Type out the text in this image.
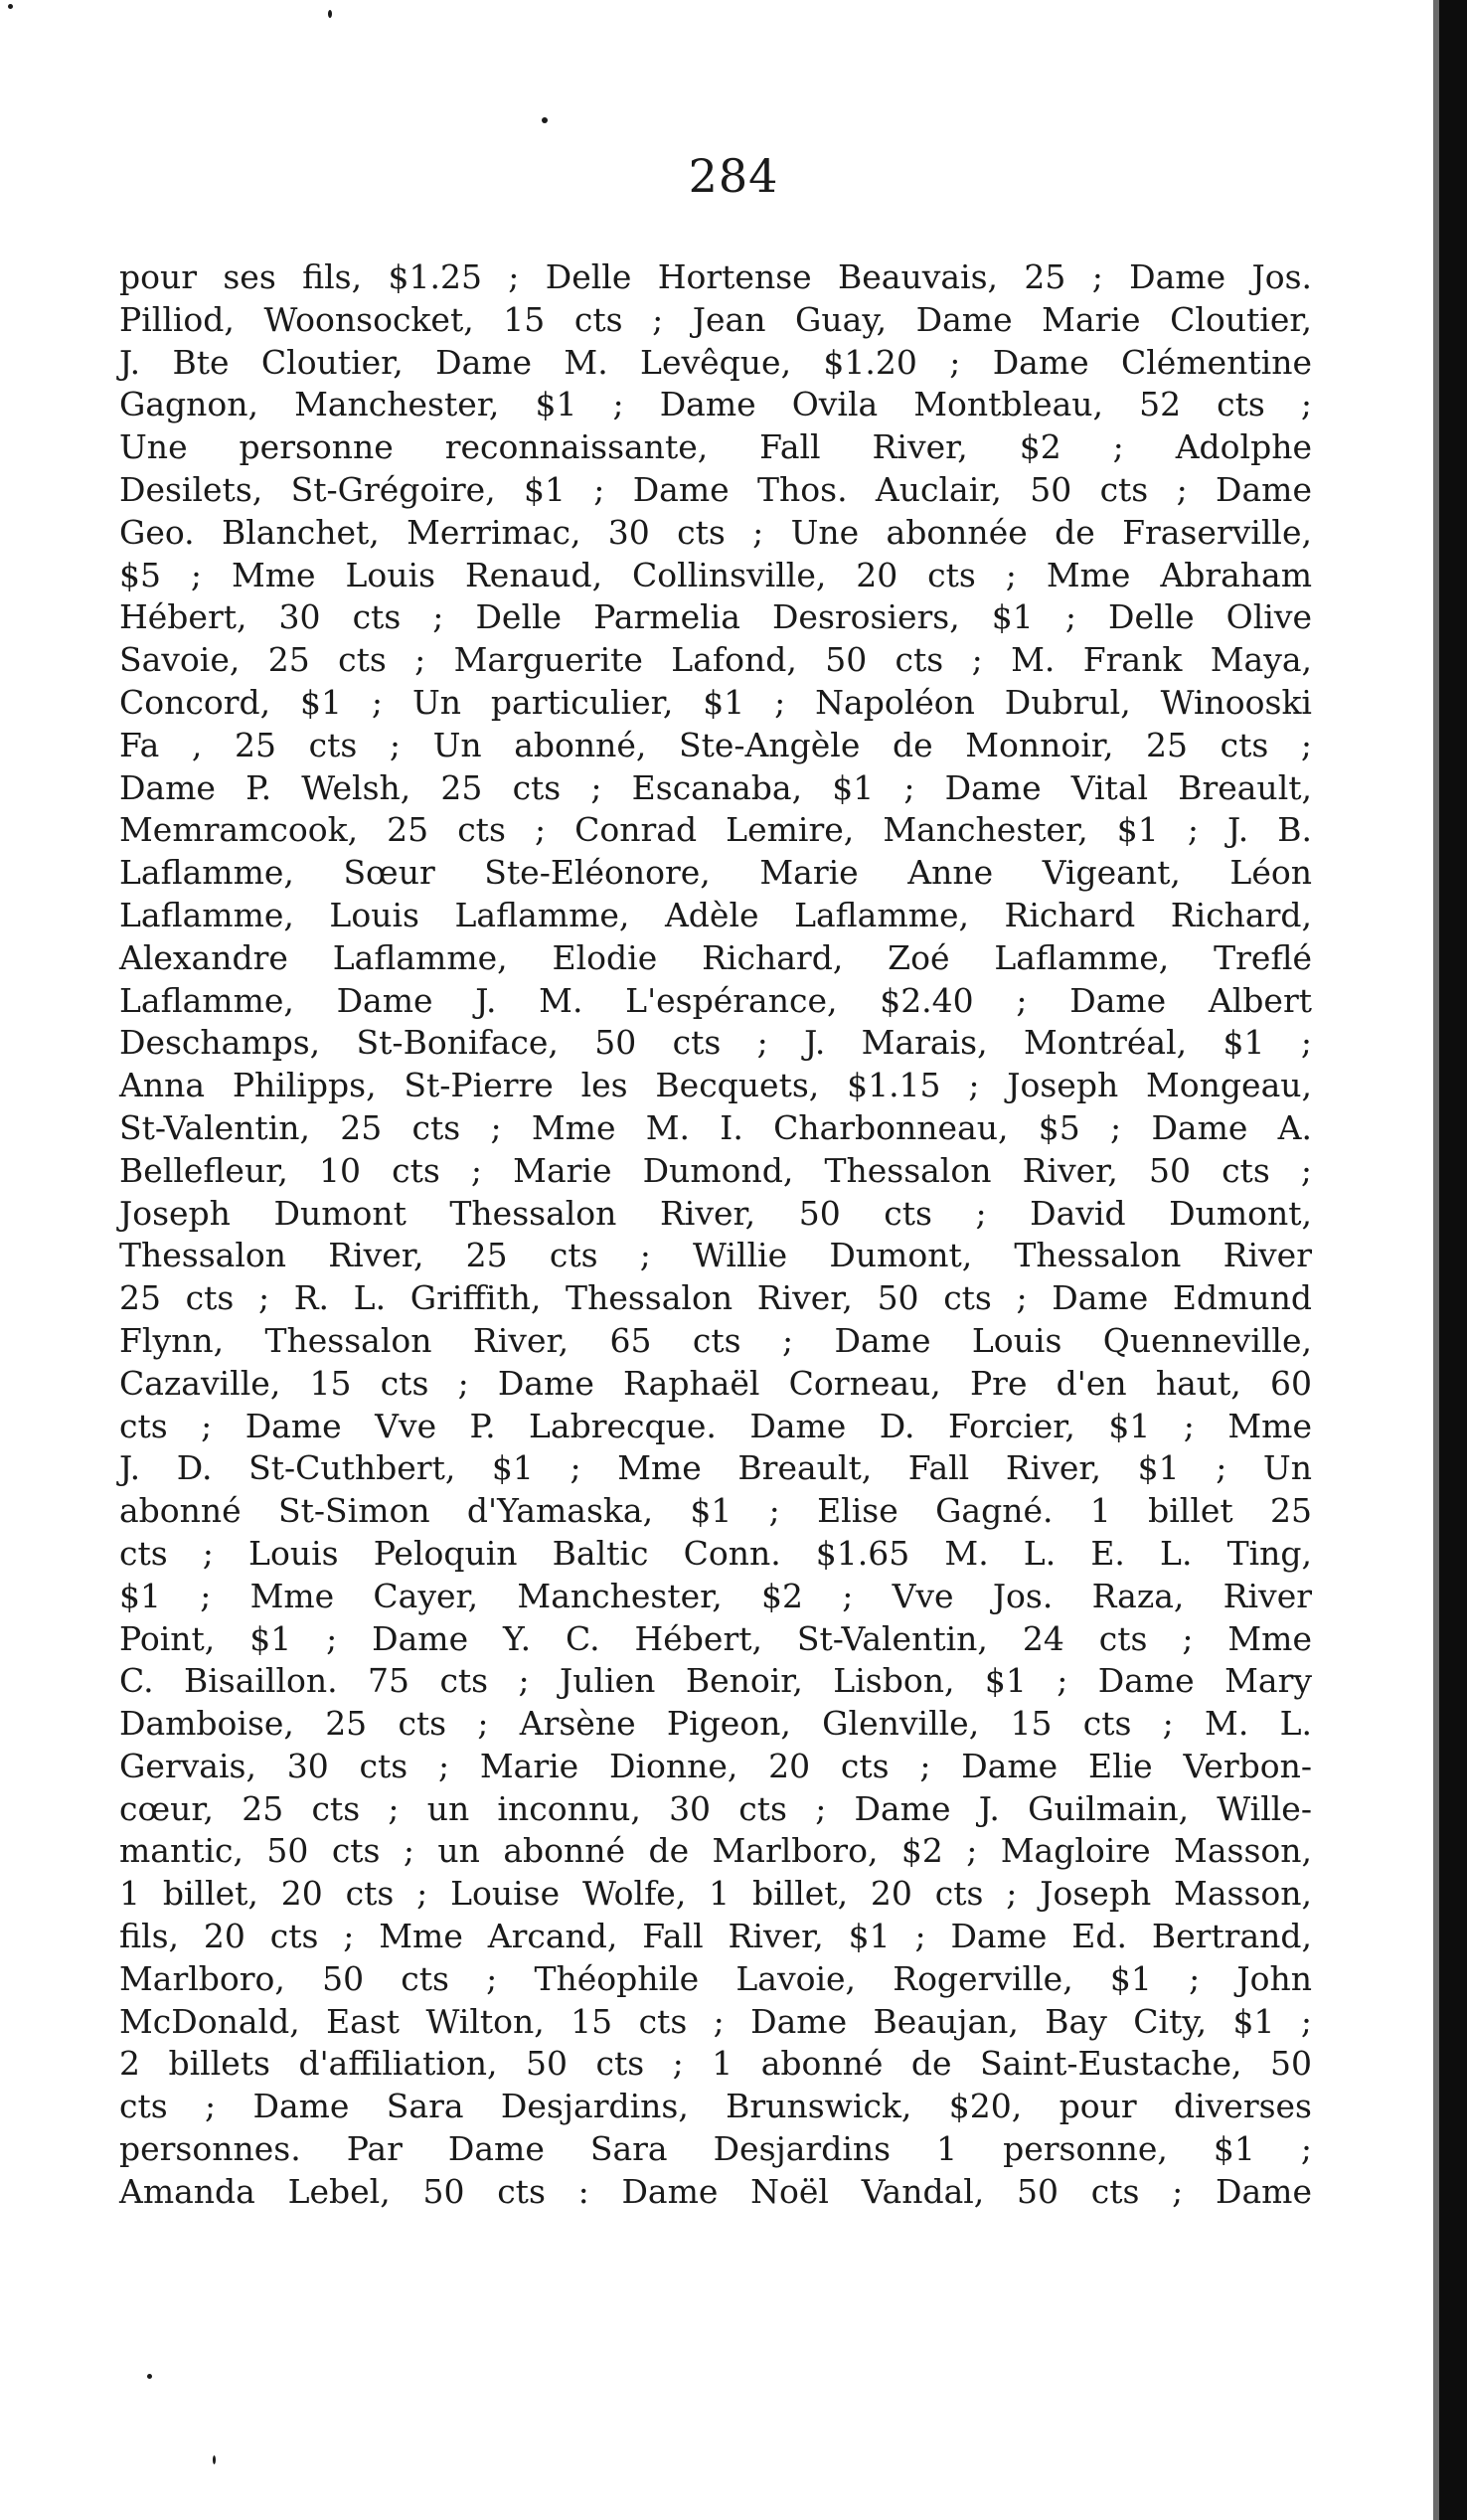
284
pour ses fils, $1.25 ; Delle Hortense Beauvais, 25 ; Dame Jos.
Pilliod, Woonsocket, 15 cts ; Jean Guay, Dame Marie Cloutier,
J. Bte Cloutier, Dame M. Levêque, $1.20 ; Dame Clémentine
Gagnon, Manchester, $1 ; Dame Ovila Montbleau, 52 cts ;
Une personne reconnaissante, Fall River, $2 ; Adolphe
Desilets, St-Grégoire, $1 ; Dame Thos. Auclair, 50 cts ; Dame
Geo. Blanchet, Merrimac, 30 cts ; Une abonnée de Fraserville,
$5 ; Mme Louis Renaud, Collinsville, 20 cts ; Mme Abraham
Hébert, 30 cts ; Delle Parmelia Desrosiers, $1 ; Delle Olive
Savoie, 25 cts ; Marguerite Lafond, 50 cts ; M. Frank Maya,
Concord, $1 ; Un particulier, $1 ; Napoléon Dubrul, Winooski
Fa , 25 cts ; Un abonné, Ste-Angèle de Monnoir, 25 cts ;
Dame P. Welsh, 25 cts ; Escanaba, $1 ; Dame Vital Breault,
Memramcook, 25 cts ; Conrad Lemire, Manchester, $1 ; J. B.
Laflamme, Sœur Ste-Eléonore, Marie Anne Vigeant, Léon
Laflamme, Louis Laflamme, Adèle Laflamme, Richard Richard,
Alexandre Laflamme, Elodie Richard, Zoé Laflamme, Treflé
Laflamme, Dame J. M. L'espérance, $2.40 ; Dame Albert
Deschamps, St-Boniface, 50 cts ; J. Marais, Montréal, $1 ;
Anna Philipps, St-Pierre les Becquets, $1.15 ; Joseph Mongeau,
St-Valentin, 25 cts ; Mme M. I. Charbonneau, $5 ; Dame A.
Bellefleur, 10 cts ; Marie Dumond, Thessalon River, 50 cts ;
Joseph Dumont Thessalon River, 50 cts ; David Dumont,
Thessalon River, 25 cts ; Willie Dumont, Thessalon River
25 cts ; R. L. Griffith, Thessalon River, 50 cts ; Dame Edmund
Flynn, Thessalon River, 65 cts ; Dame Louis Quenneville,
Cazaville, 15 cts ; Dame Raphaël Corneau, Pre d'en haut, 60
cts ; Dame Vve P. Labrecque. Dame D. Forcier, $1 ; Mme
J. D. St-Cuthbert, $1 ; Mme Breault, Fall River, $1 ; Un
abonné St-Simon d'Yamaska, $1 ; Elise Gagné. 1 billet 25
cts ; Louis Peloquin Baltic Conn. $1.65 M. L. E. L. Ting,
$1 ; Mme Cayer, Manchester, $2 ; Vve Jos. Raza, River
Point, $1 ; Dame Y. C. Hébert, St-Valentin, 24 cts ; Mme
C. Bisaillon. 75 cts ; Julien Benoir, Lisbon, $1 ; Dame Mary
Damboise, 25 cts ; Arsène Pigeon, Glenville, 15 cts ; M. L.
Gervais, 30 cts ; Marie Dionne, 20 cts ; Dame Elie Verbon-
cœur, 25 cts ; un inconnu, 30 cts ; Dame J. Guilmain, Wille-
mantic, 50 cts ; un abonné de Marlboro, $2 ; Magloire Masson,
1 billet, 20 cts ; Louise Wolfe, 1 billet, 20 cts ; Joseph Masson,
fils, 20 cts ; Mme Arcand, Fall River, $1 ; Dame Ed. Bertrand,
Marlboro, 50 cts ; Théophile Lavoie, Rogerville, $1 ; John
McDonald, East Wilton, 15 cts ; Dame Beaujan, Bay City, $1 ;
2 billets d'affiliation, 50 cts ; 1 abonné de Saint-Eustache, 50
cts ; Dame Sara Desjardins, Brunswick, $20, pour diverses
personnes. Par Dame Sara Desjardins 1 personne, $1 ;
Amanda Lebel, 50 cts : Dame Noël Vandal, 50 cts ; Dame
